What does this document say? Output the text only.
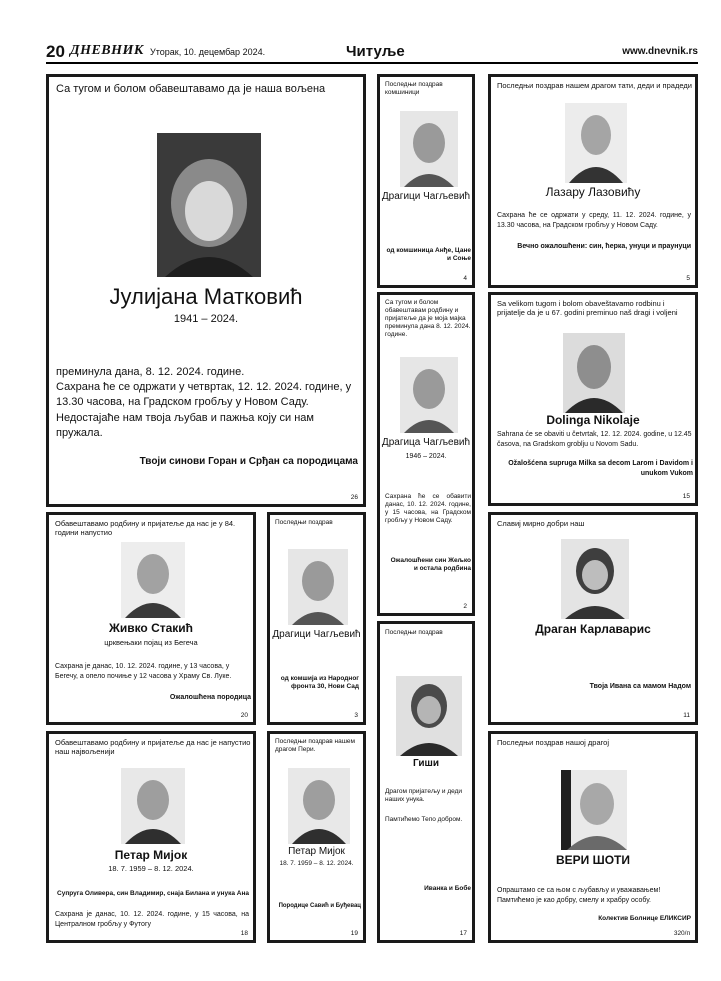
20 ДНЕВНИК Уторак, 10. децембар 2024.	Читуље	www.dnevnik.rs
Са тугом и болом обавештавамо да је наша вољена
Јулијана Матковић
1941 – 2024.
преминула дана, 8. 12. 2024. године.
Сахрана ће се одржати у четвртак, 12. 12. 2024. године, у 13.30 часова, на Градском гробљу у Новом Саду.
Недостајаће нам твоја љубав и пажња коју си нам пружала.
Твоји синови Горан и Срђан са породицама
26
Последњи поздрав комшиници
Драгици Чагљевић
од комшиница Анђе, Цане и Соње
4
Последњи поздрав нашем драгом тати, деди и прадеди
Лазару Лазовићу
Сахрана ће се одржати у среду, 11. 12. 2024. године, у 13.30 часова, на Градском гробљу у Новом Саду.
Вечно ожалошћени: син, ћерка, унуци и праунуци
5
Са тугом и болом обавештавам родбину и пријатеље да је моја мајка преминула дана 8. 12. 2024. године.
Драгица Чагљевић
1946 – 2024.
Сахрана ће се обавити данас, 10. 12. 2024. године, у 15 часова, на Градском гробљу у Новом Саду.
Ожалошћени син Жељко и остала родбина
2
Sa velikom tugom i bolom obaveštavamo rodbinu i prijatelje da je u 67. godini preminuo naš dragi i voljeni
Dolinga Nikolaje
Sahrana će se obaviti u četvrtak, 12. 12. 2024. godine, u 12.45 časova, na Gradskom groblju u Novom Sadu.
Ožalošćena supruga Milka sa decom Larom i Davidom i unukom Vukom
15
Обавештавамо родбину и пријатеље да нас је у 84. години напустио
Живко Стакић
црквењаки појац из Бегеча
Сахрана је данас, 10. 12. 2024. године, у 13 часова, у Бегечу, а опело почиње у 12 часова у Храму Св. Луке.
Ожалошћена породица
20
Последњи поздрав
Драгици Чагљевић
од комшија из Народног фронта 30, Нови Сад
3
Последњи поздрав
Гиши
Драгом пријатељу и деди наших унука.
Памтићемо Тепо добром.
Иванка и Бобе
17
Славиј мирно добри наш
Драган Карлаварис
Твоја Ивана са мамом Надом
11
Обавештавамо родбину и пријатеље да нас је напустио наш највољенији
Петар Мијок
18. 7. 1959 – 8. 12. 2024.
Супруга Оливера, син Владимир, снаја Билана и унука Ана
Сахрана је данас, 10. 12. 2024. године, у 15 часова, на Централном гробљу у Футогу
18
Последњи поздрав нашем драгом Пери.
Петар Мијок
18. 7. 1959 – 8. 12. 2024.
Породице Савић и Буђевац
19
Последњи поздрав нашој драгој
ВЕРИ ШОТИ
Опраштамо се са њом с љубављу и уважавањем! Памтићемо је као добру, смелу и храбру особу.
Колектив Болнице ЕЛИКСИР
320/п
